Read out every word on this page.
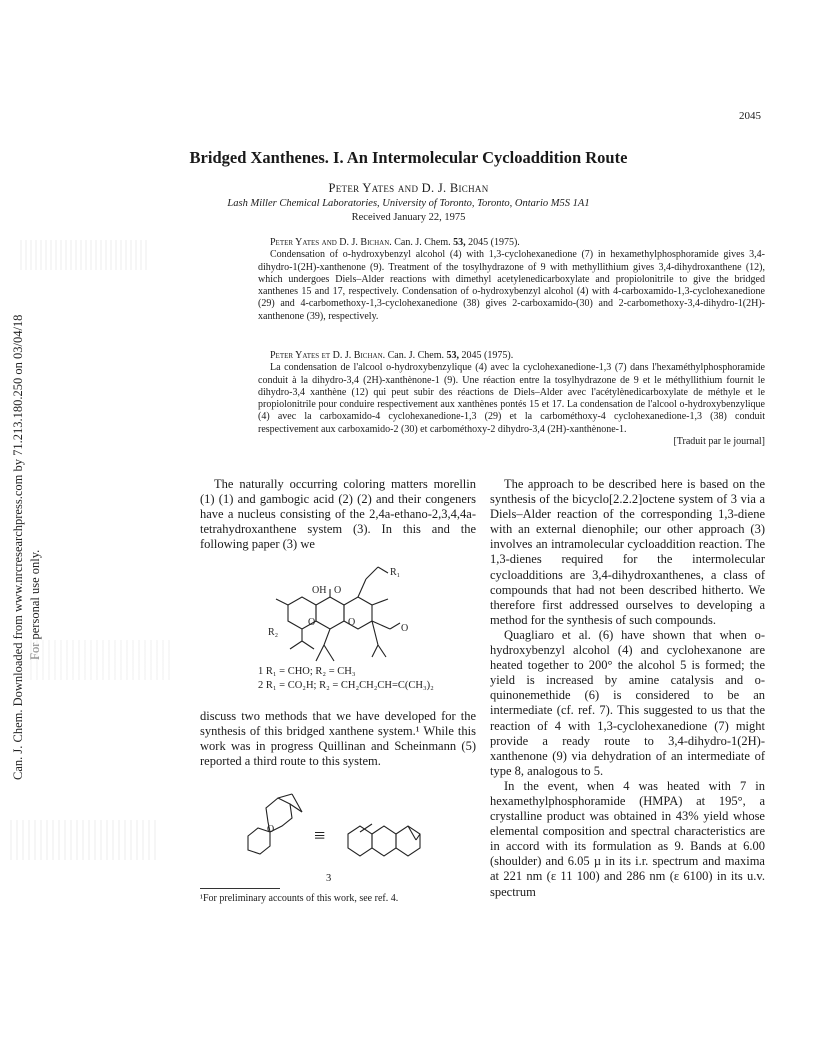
Can. J. Chem. Downloaded from www.nrcresearchpress.com by 71.213.180.250 on 03/04/18 For personal use only.
2045
Bridged Xanthenes. I. An Intermolecular Cycloaddition Route
Peter Yates and D. J. Bichan
Lash Miller Chemical Laboratories, University of Toronto, Toronto, Ontario M5S 1A1
Received January 22, 1975

Peter Yates and D. J. Bichan. Can. J. Chem. 53, 2045 (1975).

Condensation of o-hydroxybenzyl alcohol (4) with 1,3-cyclohexanedione (7) in hexamethylphosphoramide gives 3,4-dihydro-1(2H)-xanthenone (9). Treatment of the tosylhydrazone of 9 with methyllithium gives 3,4-dihydroxanthene (12), which undergoes Diels–Alder reactions with dimethyl acetylenedicarboxylate and propiolonitrile to give the bridged xanthenes 15 and 17, respectively. Condensation of o-hydroxybenzyl alcohol (4) with 4-carboxamido-1,3-cyclohexanedione (29) and 4-carbomethoxy-1,3-cyclohexanedione (38) gives 2-carboxamido-(30) and 2-carbomethoxy-3,4-dihydro-1(2H)-xanthenone (39), respectively.

Peter Yates et D. J. Bichan. Can. J. Chem. 53, 2045 (1975).

La condensation de l'alcool o-hydroxybenzylique (4) avec la cyclohexanedione-1,3 (7) dans l'hexaméthylphosphoramide conduit à la dihydro-3,4 (2H)-xanthènone-1 (9). Une réaction entre la tosylhydrazone de 9 et le méthyllithium fournit le dihydro-3,4 xanthène (12) qui peut subir des réactions de Diels–Alder avec l'acétylènedicarboxylate de méthyle et le propiolonitrile pour conduire respectivement aux xanthènes pontés 15 et 17. La condensation de l'alcool o-hydroxybenzylique (4) avec la carboxamido-4 cyclohexanedione-1,3 (29) et la carbométhoxy-4 cyclohexanedione-1,3 (38) conduit respectivement aux carboxamido-2 (30) et carbométhoxy-2 dihydro-3,4 (2H)-xanthènone-1.

[Traduit par le journal]

The naturally occurring coloring matters morellin (1) (1) and gambogic acid (2) (2) and their congeners have a nucleus consisting of the 2,4a-ethano-2,3,4,4a-tetrahydroxanthene system (3). In this and the following paper (3) we

OH O
R₁
R₂
O	O
O
1 R₁ = CHO; R₂ = CH₃
2 R₁ = CO₂H; R₂ = CH₂CH₂CH=C(CH₃)₂

discuss two methods that we have developed for the synthesis of this bridged xanthene system.¹ While this work was in progress Quillinan and Scheinmann (5) reported a third route to this system.

O ≡
3
¹For preliminary accounts of this work, see ref. 4.

The approach to be described here is based on the synthesis of the bicyclo[2.2.2]octene system of 3 via a Diels–Alder reaction of the corresponding 1,3-diene with an external dienophile; our other approach (3) involves an intramolecular cycloaddition reaction. The 1,3-dienes required for the intermolecular cycloadditions are 3,4-dihydroxanthenes, a class of compounds that had not been described hitherto. We therefore first addressed ourselves to developing a method for the synthesis of such compounds.

Quagliaro et al. (6) have shown that when o-hydroxybenzyl alcohol (4) and cyclohexanone are heated together to 200° the alcohol 5 is formed; the yield is increased by amine catalysis and o-quinonemethide (6) is considered to be an intermediate (cf. ref. 7). This suggested to us that the reaction of 4 with 1,3-cyclohexanedione (7) might provide a ready route to 3,4-dihydro-1(2H)-xanthenone (9) via dehydration of an intermediate of type 8, analogous to 5.

In the event, when 4 was heated with 7 in hexamethylphosphoramide (HMPA) at 195°, a crystalline product was obtained in 43% yield whose elemental composition and spectral characteristics are in accord with its formulation as 9. Bands at 6.00 (shoulder) and 6.05 µ in its i.r. spectrum and maxima at 221 nm (ε 11 100) and 286 nm (ε 6100) in its u.v. spectrum
